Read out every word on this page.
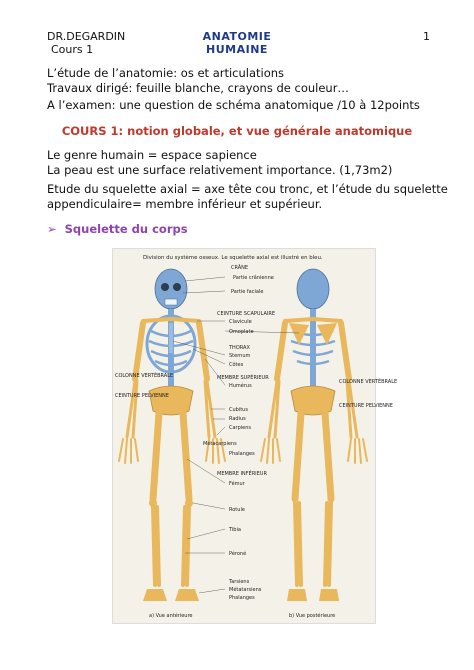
DR.DEGARDIN
Cours 1
ANATOMIE
HUMAINE
1
L’étude de l’anatomie: os et articulations
Travaux dirigé: feuille blanche, crayons de couleur…
A l’examen: une question de schéma anatomique /10 à 12points
COURS 1: notion globale, et vue générale anatomique
Le genre humain = espace sapience
La peau est une surface relativement importance. (1,73m2)
Etude du squelette axial = axe tête cou tronc, et l’étude du squelette
appendiculaire= membre inférieur et supérieur.
➢ Squelette du corps
Division du système osseux. Le squelette axial est illustré en bleu.
CRÂNE
Partie crânienne
Partie faciale
CEINTURE SCAPULAIRE
Clavicule
Omoplate
THORAX
Sternum
Côtes
MEMBRE SUPÉRIEUR
Humérus
COLONNE VERTÉBRALE
COLONNE VERTÉBRALE
CEINTURE PELVIENNE
CEINTURE PELVIENNE
Cubitus
Radius
Carpiens
Métacarpiens
Phalanges
MEMBRE INFÉRIEUR
Fémur
Rotule
Tibia
Péroné
Tarsiens
Métatarsiens
Phalanges
a) Vue antérieure	b) Vue postérieure
